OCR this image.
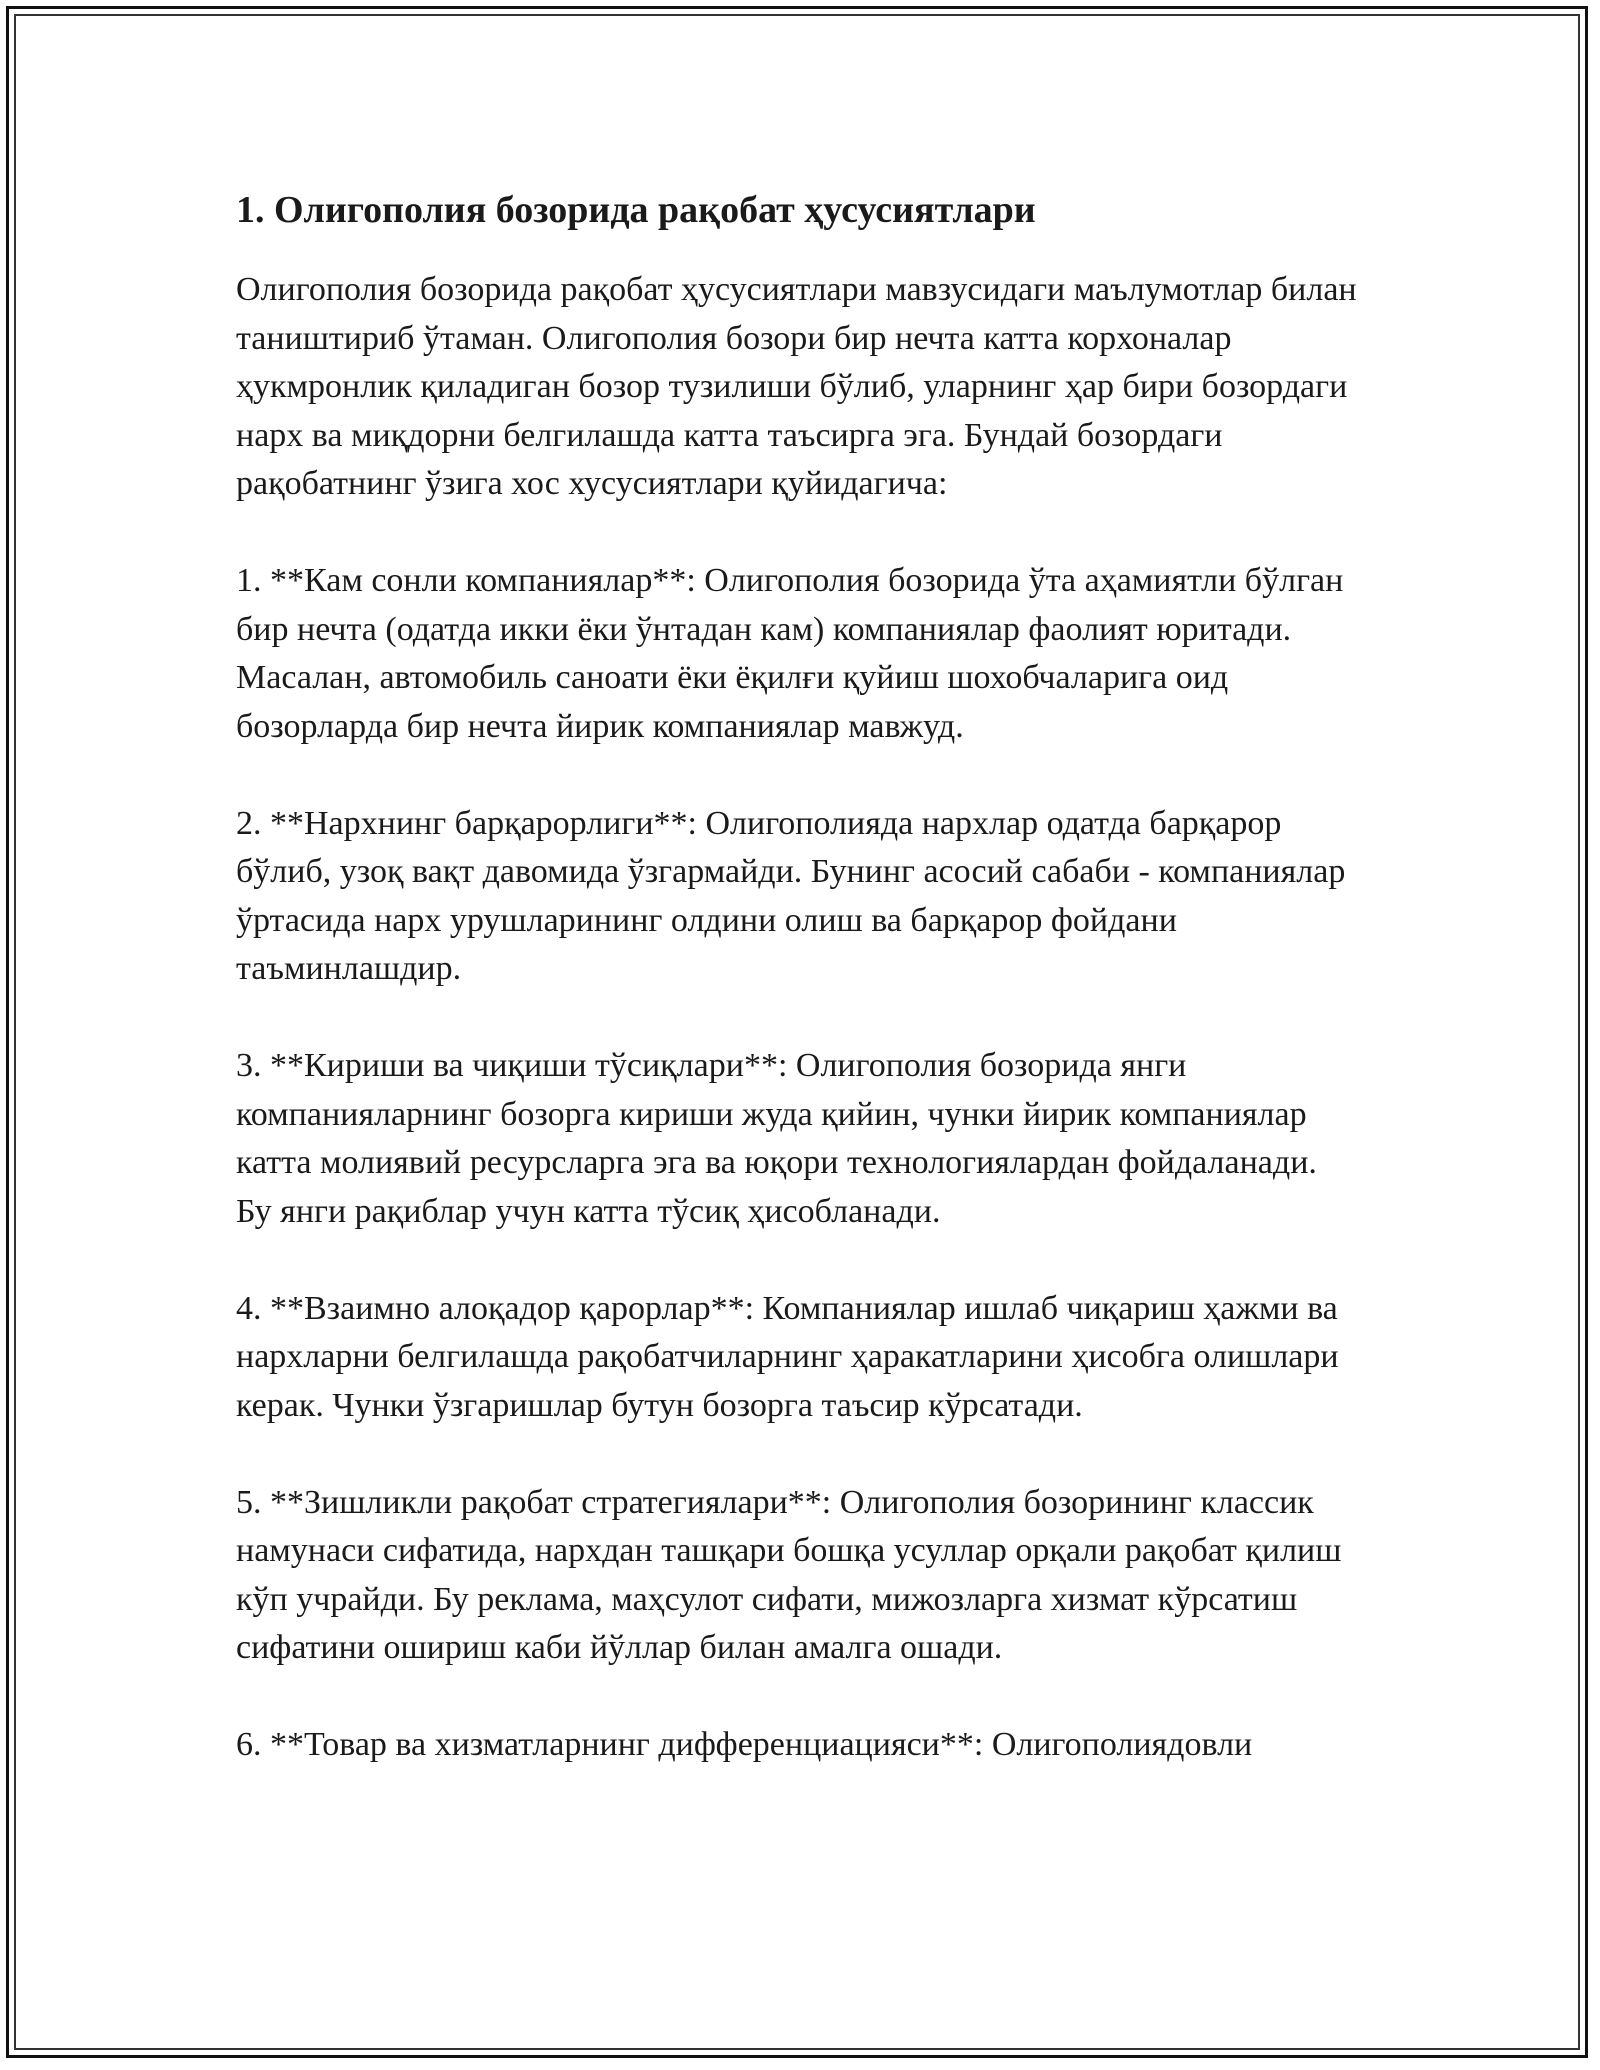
1. Олигополия бозорида рақобат ҳусусиятлари
Олигополия бозорида рақобат ҳусусиятлари мавзусидаги маълумотлар билан таништириб ўтаман. Олигополия бозори бир нечта катта корхоналар ҳукмронлик қиладиган бозор тузилиши бўлиб, уларнинг ҳар бири бозордаги нарх ва миқдорни белгилашда катта таъсирга эга. Бундай бозордаги рақобатнинг ўзига хос хусусиятлари қуйидагича:
1. **Кам сонли компаниялар**: Олигополия бозорида ўта аҳамиятли бўлган бир нечта (одатда икки ёки ўнтадан кам) компаниялар фаолият юритади. Масалан, автомобиль саноати ёки ёқилғи қуйиш шохобчаларига оид бозорларда бир нечта йирик компаниялар мавжуд.
2. **Нархнинг барқарорлиги**: Олигополияда нархлар одатда барқарор бўлиб, узоқ вақт давомида ўзгармайди. Бунинг асосий сабаби - компаниялар ўртасида нарх урушларининг олдини олиш ва барқарор фойдани таъминлашдир.
3. **Кириши ва чиқиши тўсиқлари**: Олигополия бозорида янги компанияларнинг бозорга кириши жуда қийин, чунки йирик компаниялар катта молиявий ресурсларга эга ва юқори технологиялардан фойдаланади. Бу янги рақиблар учун катта тўсиқ ҳисобланади.
4. **Взаимно алоқадор қарорлар**: Компаниялар ишлаб чиқариш ҳажми ва нархларни белгилашда рақобатчиларнинг ҳаракатларини ҳисобга олишлари керак. Чунки ўзгаришлар бутун бозорга таъсир кўрсатади.
5. **Зишликли рақобат стратегиялари**: Олигополия бозорининг классик намунаси сифатида, нархдан ташқари бошқа усуллар орқали рақобат қилиш кўп учрайди. Бу реклама, маҳсулот сифати, мижозларга хизмат кўрсатиш сифатини ошириш каби йўллар билан амалга ошади.
6. **Товар ва хизматларнинг дифференциацияси**: Олигополиядовли
